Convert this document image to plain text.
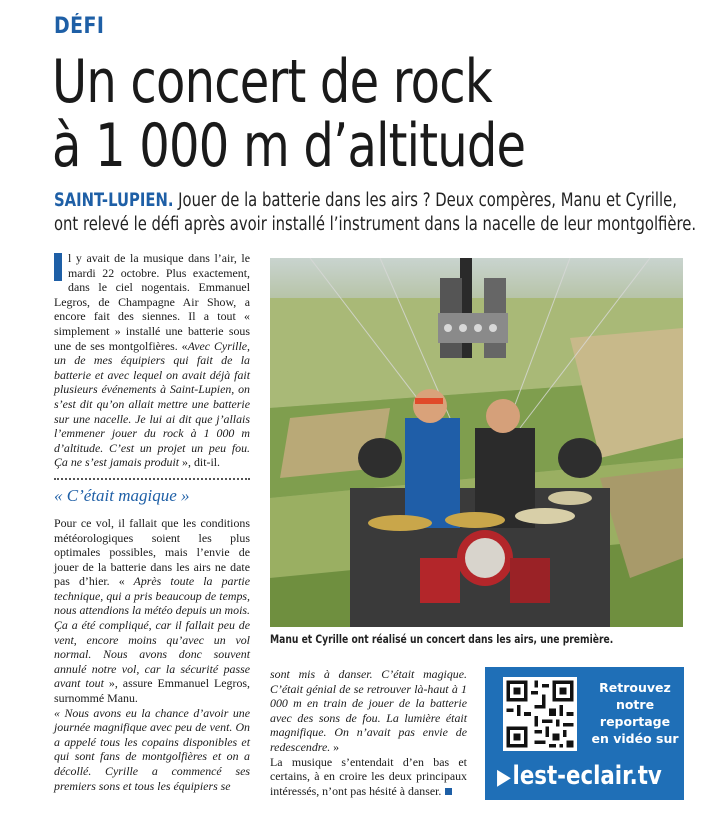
DÉFI
Un concert de rock
à 1 000 m d’altitude
SAINT-LUPIEN. Jouer de la batterie dans les airs ? Deux compères, Manu et Cyrille,
ont relevé le défi après avoir installé l’instrument dans la nacelle de leur montgolfière.

l y avait de la musique dans l’air, le mardi 22 octobre. Plus exactement, dans le ciel nogentais. Emmanuel Legros, de Champagne Air Show, a encore fait des siennes. Il a tout « simplement » installé une batterie sous une de ses montgolfières. «Avec Cyrille, un de mes équipiers qui fait de la batterie et avec lequel on avait déjà fait plusieurs événements à Saint-Lupien, on s’est dit qu’on allait mettre une batterie sur une nacelle. Je lui ai dit que j’allais l’emmener jouer du rock à 1 000 m d’altitude. C’est un projet un peu fou. Ça ne s’est jamais produit », dit-il.

« C’était magique »

Pour ce vol, il fallait que les conditions météorologiques soient les plus optimales possibles, mais l’envie de jouer de la batterie dans les airs ne date pas d’hier. « Après toute la partie technique, qui a pris beaucoup de temps, nous attendions la météo depuis un mois. Ça a été compliqué, car il fallait peu de vent, encore moins qu’avec un vol normal. Nous avons donc souvent annulé notre vol, car la sécurité passe avant tout », assure Emmanuel Legros, surnommé Manu.

« Nous avons eu la chance d’avoir une journée magnifique avec peu de vent. On a appelé tous les copains disponibles et qui sont fans de montgolfières et on a décollé. Cyrille a commencé ses premiers sons et tous les équipiers se

Manu et Cyrille ont réalisé un concert dans les airs, une première.

sont mis à danser. C’était magique. C’était génial de se retrouver là-haut à 1 000 m en train de jouer de la batterie avec des sons de fou. La lumière était magnifique. On n’avait pas envie de redescendre. »

La musique s’entendait d’en bas et certains, à en croire les deux principaux intéressés, n’ont pas hésité à danser.

Retrouvez
notre
reportage
en vidéo sur
▶lest-eclair.tv
